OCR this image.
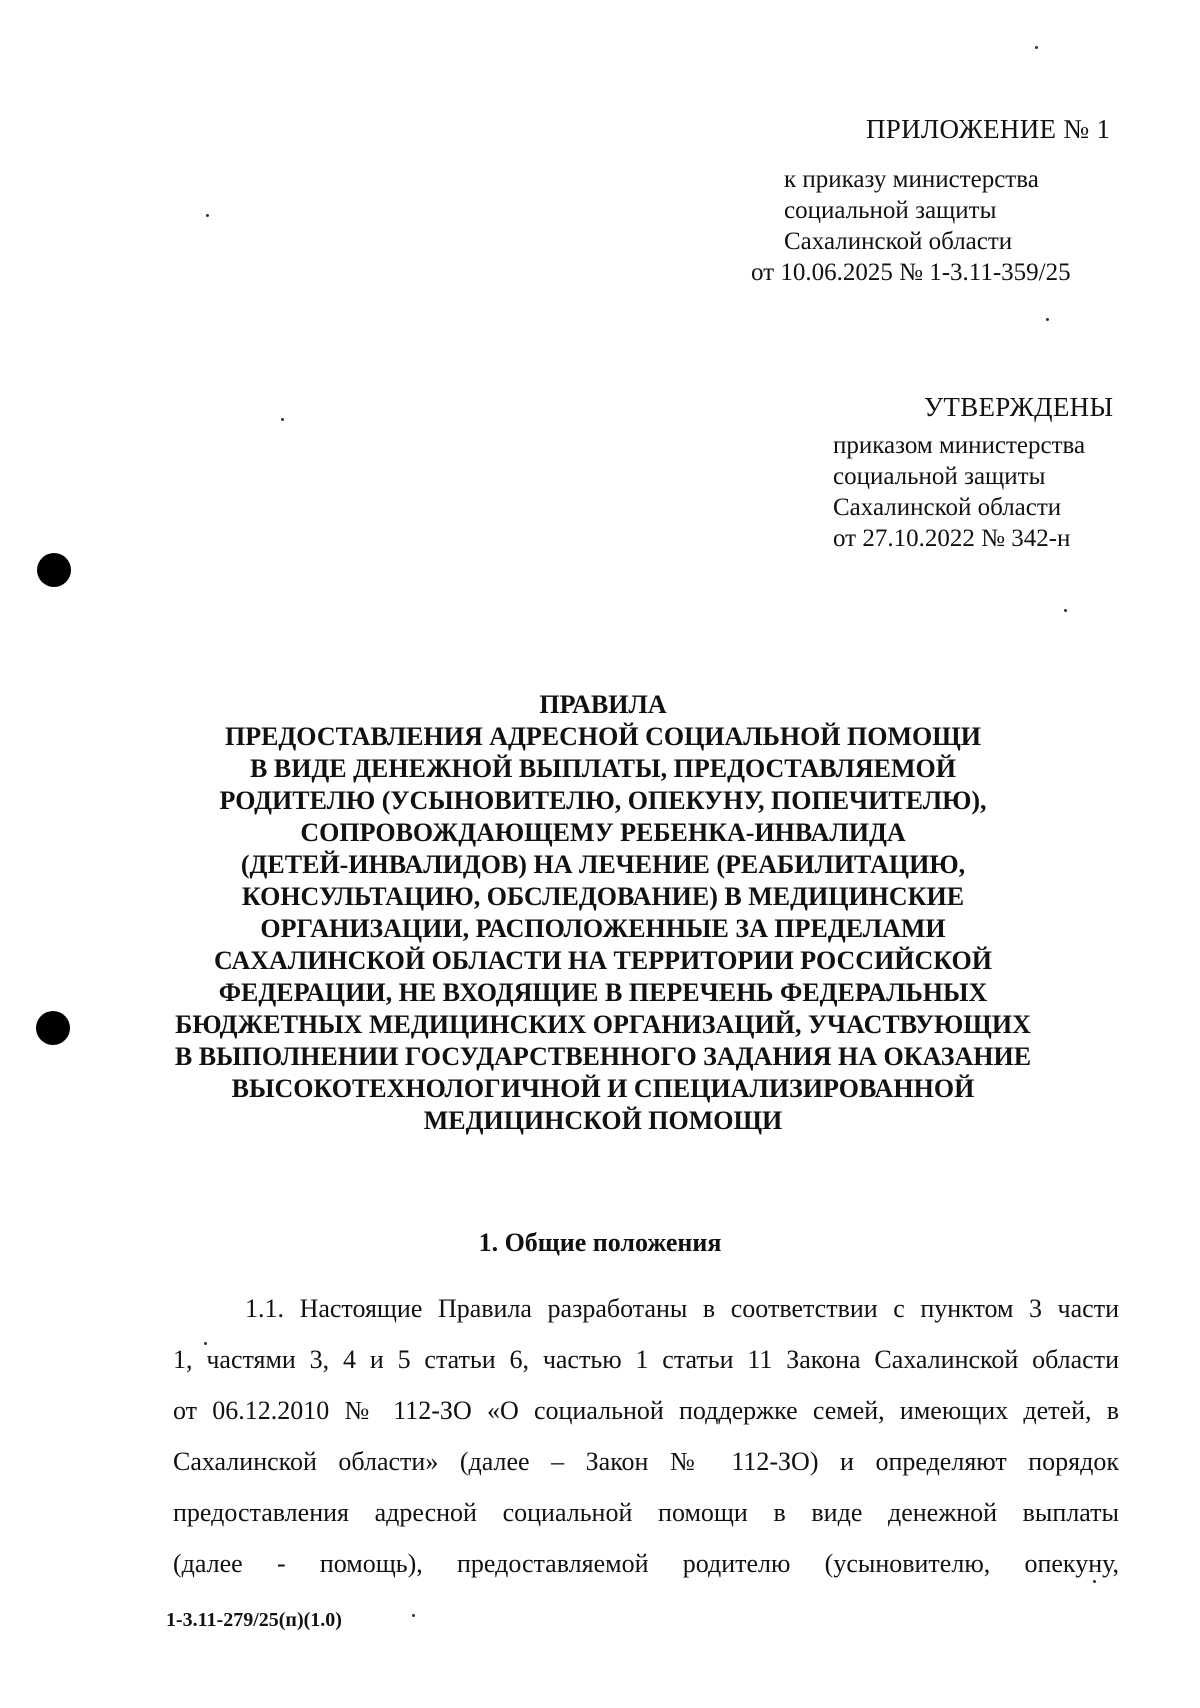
ПРИЛОЖЕНИЕ № 1
к приказу министерства
социальной защиты
Сахалинской области
от 10.06.2025 № 1-3.11-359/25
УТВЕРЖДЕНЫ
приказом министерства
социальной защиты
Сахалинской области
от 27.10.2022 № 342-н
ПРАВИЛА
ПРЕДОСТАВЛЕНИЯ АДРЕСНОЙ СОЦИАЛЬНОЙ ПОМОЩИ
В ВИДЕ ДЕНЕЖНОЙ ВЫПЛАТЫ, ПРЕДОСТАВЛЯЕМОЙ
РОДИТЕЛЮ (УСЫНОВИТЕЛЮ, ОПЕКУНУ, ПОПЕЧИТЕЛЮ),
СОПРОВОЖДАЮЩЕМУ РЕБЕНКА-ИНВАЛИДА
(ДЕТЕЙ-ИНВАЛИДОВ) НА ЛЕЧЕНИЕ (РЕАБИЛИТАЦИЮ,
КОНСУЛЬТАЦИЮ, ОБСЛЕДОВАНИЕ) В МЕДИЦИНСКИЕ
ОРГАНИЗАЦИИ, РАСПОЛОЖЕННЫЕ ЗА ПРЕДЕЛАМИ
САХАЛИНСКОЙ ОБЛАСТИ НА ТЕРРИТОРИИ РОССИЙСКОЙ
ФЕДЕРАЦИИ, НЕ ВХОДЯЩИЕ В ПЕРЕЧЕНЬ ФЕДЕРАЛЬНЫХ
БЮДЖЕТНЫХ МЕДИЦИНСКИХ ОРГАНИЗАЦИЙ, УЧАСТВУЮЩИХ
В ВЫПОЛНЕНИИ ГОСУДАРСТВЕННОГО ЗАДАНИЯ НА ОКАЗАНИЕ
ВЫСОКОТЕХНОЛОГИЧНОЙ И СПЕЦИАЛИЗИРОВАННОЙ
МЕДИЦИНСКОЙ ПОМОЩИ
1. Общие положения
1.1. Настоящие Правила разработаны в соответствии с пунктом 3 части
1, частями 3, 4 и 5 статьи 6, частью 1 статьи 11 Закона Сахалинской области
от 06.12.2010 № 112-ЗО «О социальной поддержке семей, имеющих детей, в
Сахалинской области» (далее – Закон № 112-ЗО) и определяют порядок
предоставления адресной социальной помощи в виде денежной выплаты
(далее - помощь), предоставляемой родителю (усыновителю, опекуну,
1-3.11-279/25(п)(1.0)
